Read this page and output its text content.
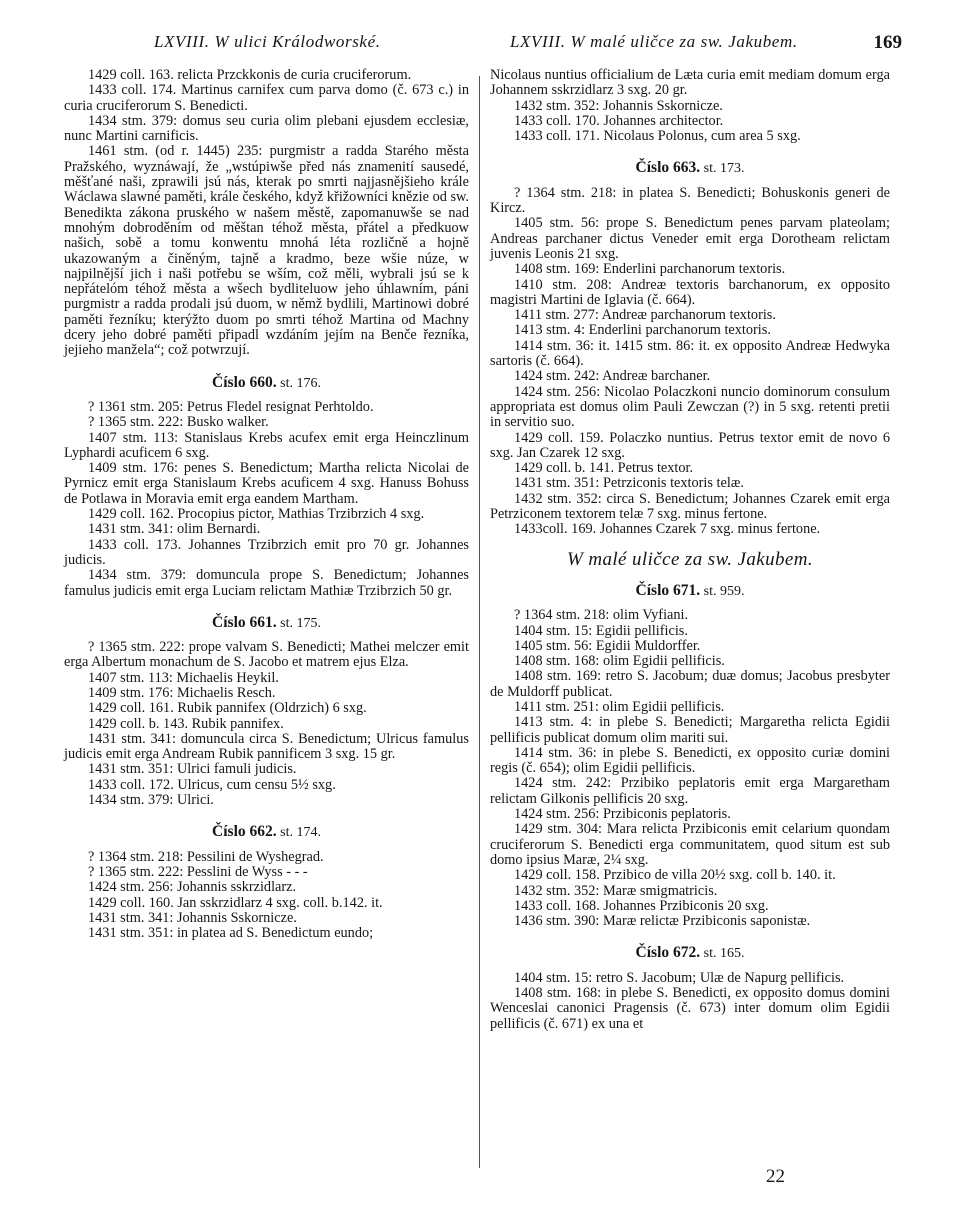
LXVIII. W ulici Králodworské.	LXVIII. W malé uličce za sw. Jakubem.	169

1429 coll. 163. relicta Przckkonis de curia cruciferorum.

1433 coll. 174. Martinus carnifex cum parva domo (č. 673 c.) in curia cruciferorum S. Benedicti.

1434 stm. 379: domus seu curia olim plebani ejusdem ecclesiæ, nunc Martini carnificis.

1461 stm. (od r. 1445) 235: purgmistr a radda Starého města Pražského, wyznáwají, že „wstúpiwše před nás znamenití sausedé, měšťané naši, zprawili jsú nás, kterak po smrti najjasnějšieho krále Wáclawa slawné paměti, krále českého, když křižowníci knězie od sw. Benedikta zákona pruského w našem městě, zapomanuwše se nad mnohým dobroděním od měštan téhož města, přátel a předkuow našich, sobě a tomu konwentu mnohá léta rozličně a hojně ukazowaným a činěným, tajně a kradmo, beze wšie núze, w najpilnější jich i naši potřebu se wším, což měli, wybrali jsú se k nepřátelóm téhož města a wšech bydliteluow jeho úhlawním, páni purgmistr a radda prodali jsú duom, w němž bydlili, Martinowi dobré paměti řezníku; kterýžto duom po smrti téhož Martina od Machny dcery jeho dobré paměti připadl wzdáním jejím na Benče řezníka, jejieho manžela“; což potwrzují.

Číslo 660. st. 176.

? 1361 stm. 205: Petrus Fledel resignat Perhtoldo.

? 1365 stm. 222: Busko walker.

1407 stm. 113: Stanislaus Krebs acufex emit erga Heinczlinum Lyphardi acuficem 6 sxg.

1409 stm. 176: penes S. Benedictum; Martha relicta Nicolai de Pyrnicz emit erga Stanislaum Krebs acuficem 4 sxg. Hanuss Bohuss de Potlawa in Moravia emit erga eandem Martham.

1429 coll. 162. Procopius pictor, Mathias Trzibrzich 4 sxg.

1431 stm. 341: olim Bernardi.

1433 coll. 173. Johannes Trzibrzich emit pro 70 gr. Johannes judicis.

1434 stm. 379: domuncula prope S. Benedictum; Johannes famulus judicis emit erga Luciam relictam Mathiæ Trzibrzich 50 gr.

Číslo 661. st. 175.

? 1365 stm. 222: prope valvam S. Benedicti; Mathei melczer emit erga Albertum monachum de S. Jacobo et matrem ejus Elza.

1407 stm. 113: Michaelis Heykil.

1409 stm. 176: Michaelis Resch.

1429 coll. 161. Rubik pannifex (Oldrzich) 6 sxg.

1429 coll. b. 143. Rubik pannifex.

1431 stm. 341: domuncula circa S. Benedictum; Ulricus famulus judicis emit erga Andream Rubik pannificem 3 sxg. 15 gr.

1431 stm. 351: Ulrici famuli judicis.

1433 coll. 172. Ulricus, cum censu 5½ sxg.

1434 stm. 379: Ulrici.

Číslo 662. st. 174.

? 1364 stm. 218: Pessilini de Wyshegrad.

? 1365 stm. 222: Pesslini de Wyss - - -

1424 stm. 256: Johannis sskrzidlarz.

1429 coll. 160. Jan sskrzidlarz 4 sxg. coll. b.142. it.

1431 stm. 341: Johannis Sskornicze.

1431 stm. 351: in platea ad S. Benedictum eundo;

Nicolaus nuntius officialium de Læta curia emit mediam domum erga Johannem sskrzidlarz 3 sxg. 20 gr.

1432 stm. 352: Johannis Sskornicze.

1433 coll. 170. Johannes architector.

1433 coll. 171. Nicolaus Polonus, cum area 5 sxg.

Číslo 663. st. 173.

? 1364 stm. 218: in platea S. Benedicti; Bohuskonis generi de Kircz.

1405 stm. 56: prope S. Benedictum penes parvam plateolam; Andreas parchaner dictus Veneder emit erga Dorotheam relictam juvenis Leonis 21 sxg.

1408 stm. 169: Enderlini parchanorum textoris.

1410 stm. 208: Andreæ textoris barchanorum, ex opposito magistri Martini de Iglavia (č. 664).

1411 stm. 277: Andreæ parchanorum textoris.

1413 stm. 4: Enderlini parchanorum textoris.

1414 stm. 36: it. 1415 stm. 86: it. ex opposito Andreæ Hedwyka sartoris (č. 664).

1424 stm. 242: Andreæ barchaner.

1424 stm. 256: Nicolao Polaczkoni nuncio dominorum consulum appropriata est domus olim Pauli Zewczan (?) in 5 sxg. retenti pretii in servitio suo.

1429 coll. 159. Polaczko nuntius. Petrus textor emit de novo 6 sxg. Jan Czarek 12 sxg.

1429 coll. b. 141. Petrus textor.

1431 stm. 351: Petrziconis textoris telæ.

1432 stm. 352: circa S. Benedictum; Johannes Czarek emit erga Petrziconem textorem telæ 7 sxg. minus fertone.

1433coll. 169. Johannes Czarek 7 sxg. minus fertone.

W malé uličce za sw. Jakubem.
Číslo 671. st. 959.

? 1364 stm. 218: olim Vyfiani.

1404 stm. 15: Egidii pellificis.

1405 stm. 56: Egidii Muldorffer.

1408 stm. 168: olim Egidii pellificis.

1408 stm. 169: retro S. Jacobum; duæ domus; Jacobus presbyter de Muldorff publicat.

1411 stm. 251: olim Egidii pellificis.

1413 stm. 4: in plebe S. Benedicti; Margaretha relicta Egidii pellificis publicat domum olim mariti sui.

1414 stm. 36: in plebe S. Benedicti, ex opposito curiæ domini regis (č. 654); olim Egidii pellificis.

1424 stm. 242: Przibiko peplatoris emit erga Margaretham relictam Gilkonis pellificis 20 sxg.

1424 stm. 256: Przibiconis peplatoris.

1429 stm. 304: Mara relicta Przibiconis emit celarium quondam cruciferorum S. Benedicti erga communitatem, quod situm est sub domo ipsius Maræ, 2¼ sxg.

1429 coll. 158. Przibico de villa 20½ sxg. coll b. 140. it.

1432 stm. 352: Maræ smigmatricis.

1433 coll. 168. Johannes Przibiconis 20 sxg.

1436 stm. 390: Maræ relictæ Przibiconis saponistæ.

Číslo 672. st. 165.

1404 stm. 15: retro S. Jacobum; Ulæ de Napurg pellificis.

1408 stm. 168: in plebe S. Benedicti, ex opposito domus domini Wenceslai canonici Pragensis (č. 673) inter domum olim Egidii pellificis (č. 671) ex una et

22
